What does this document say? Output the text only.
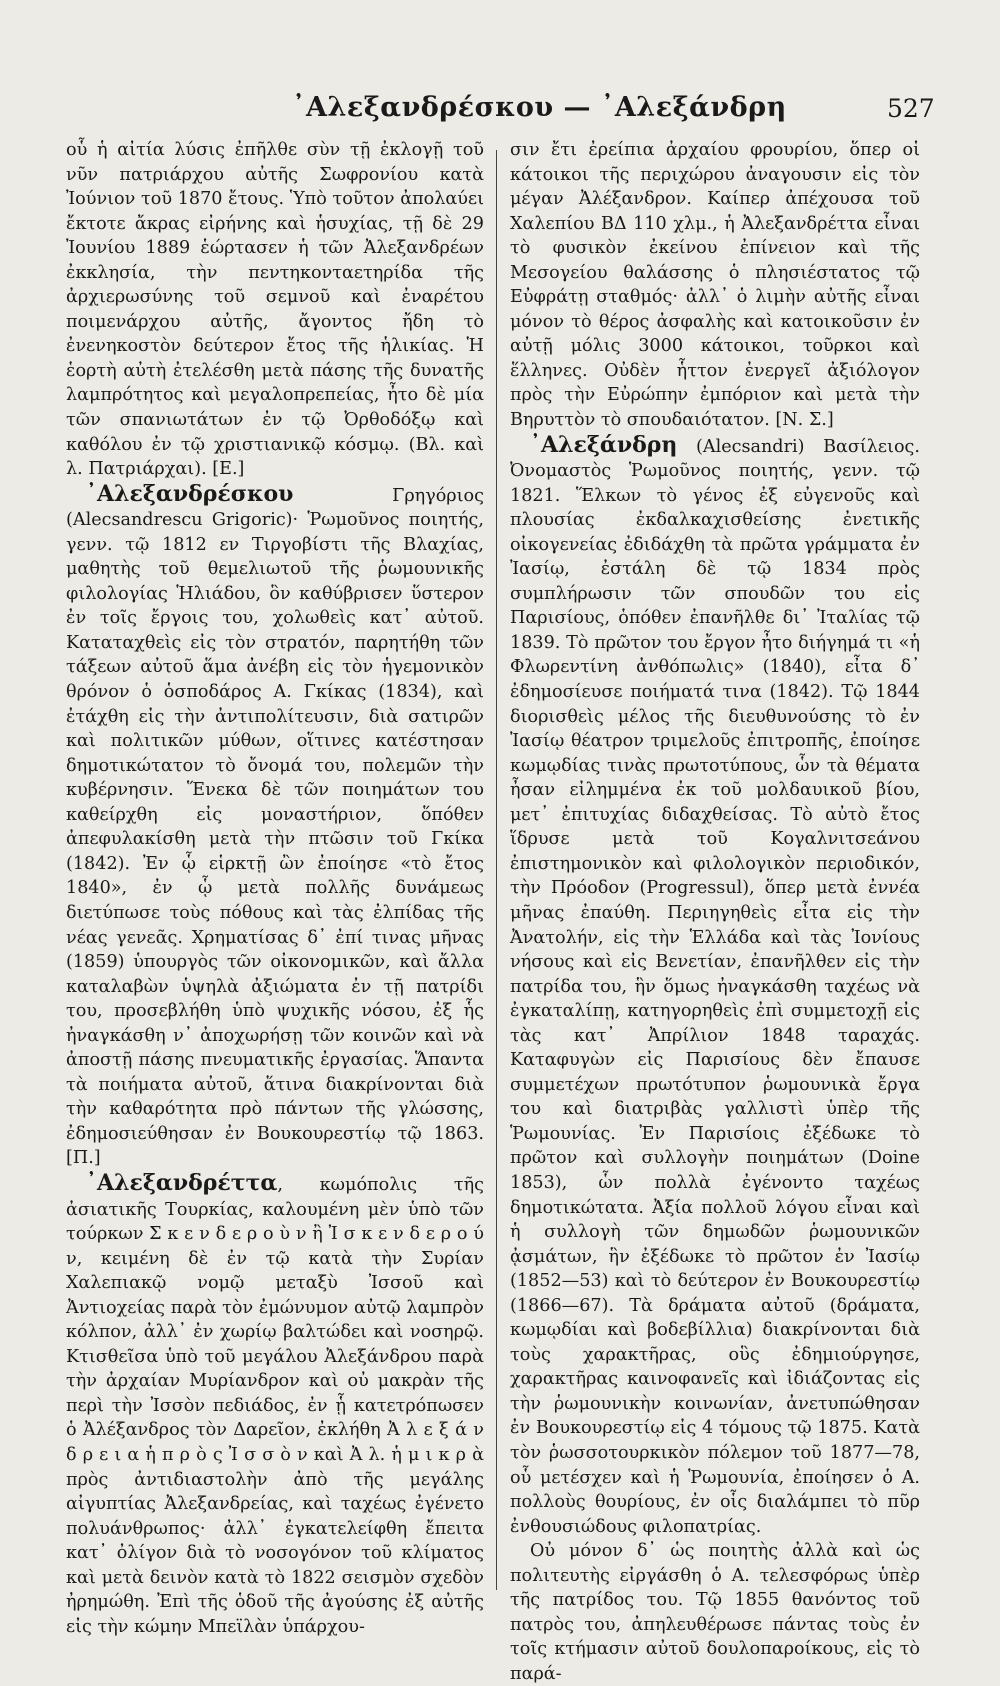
᾿Αλεξανδρέσκου — ᾿Αλεξάνδρη	527

οὗ ἡ αἰτία λύσις ἐπῆλθε σὺν τῇ ἐκλογῇ τοῦ νῦν πατριάρχου αὐτῆς Σωφρονίου κατὰ Ἰούνιον τοῦ 1870 ἔτους. Ὑπὸ τοῦτον ἀπολαύει ἔκτοτε ἄκρας εἰρήνης καὶ ἡσυχίας, τῇ δὲ 29 Ἰουνίου 1889 ἑώρτασεν ἡ τῶν Ἀλεξανδρέων ἐκκλησία, τὴν πεντηκονταετηρίδα τῆς ἀρχιερωσύνης τοῦ σεμνοῦ καὶ ἐναρέτου ποιμενάρχου αὐτῆς, ἄγοντος ἤδη τὸ ἐνενηκοστὸν δεύτερον ἔτος τῆς ἡλικίας. Ἡ ἑορτὴ αὐτὴ ἐτελέσθη μετὰ πάσης τῆς δυνατῆς λαμπρότητος καὶ μεγαλοπρεπείας, ἦτο δὲ μία τῶν σπανιωτάτων ἐν τῷ Ὀρθοδόξῳ καὶ καθόλου ἐν τῷ χριστιανικῷ κόσμῳ. (Βλ. καὶ λ. Πατριάρχαι). [Ε.]

᾿Αλεξανδρέσκου Γρηγόριος (Alecsandrescu Grigoric)· Ῥωμοῦνος ποιητής, γενν. τῷ 1812 εν Τιργοβίστι τῆς Βλαχίας, μαθητὴς τοῦ θεμελιωτοῦ τῆς ῥωμουνικῆς φιλολογίας Ἡλιάδου, ὃν καθύβρισεν ὕστερον ἐν τοῖς ἔργοις του, χολωθεὶς κατ᾽ αὐτοῦ. Καταταχθεὶς εἰς τὸν στρατόν, παρητήθη τῶν τάξεων αὐτοῦ ἅμα ἀνέβη εἰς τὸν ἡγεμονικὸν θρόνον ὁ ὁσποδάρος Α. Γκίκας (1834), καὶ ἐτάχθη εἰς τὴν ἀντιπολίτευσιν, διὰ σατιρῶν καὶ πολιτικῶν μύθων, οἵτινες κατέστησαν δημοτικώτατον τὸ ὄνομά του, πολεμῶν τὴν κυβέρνησιν. Ἕνεκα δὲ τῶν ποιημάτων του καθείρχθη εἰς μοναστήριον, ὅπόθεν ἀπεφυλακίσθη μετὰ τὴν πτῶσιν τοῦ Γκίκα (1842). Ἐν ᾧ εἱρκτῇ ὢν ἐποίησε «τὸ ἔτος 1840», ἐν ᾧ μετὰ πολλῆς δυνάμεως διετύπωσε τοὺς πόθους καὶ τὰς ἐλπίδας τῆς νέας γενεᾶς. Χρηματίσας δ᾽ ἐπί τινας μῆνας (1859) ὑπουργὸς τῶν οἰκονομικῶν, καὶ ἄλλα καταλαβὼν ὑψηλὰ ἀξιώματα ἐν τῇ πατρίδι του, προσεβλήθη ὑπὸ ψυχικῆς νόσου, ἐξ ἧς ἠναγκάσθη ν᾽ ἀποχωρήσῃ τῶν κοινῶν καὶ νὰ ἀποστῇ πάσης πνευματικῆς ἐργασίας. Ἅπαντα τὰ ποιήματα αὐτοῦ, ἅτινα διακρίνονται διὰ τὴν καθαρότητα πρὸ πάντων τῆς γλώσσης, ἐδημοσιεύθησαν ἐν Βουκουρεστίῳ τῷ 1863. [Π.]

᾿Αλεξανδρέττα, κωμόπολις τῆς ἀσιατικῆς Τουρκίας, καλουμένη μὲν ὑπὸ τῶν τούρκων Σ κ ε ν δ ε ρ ο ὺ ν ἢ Ἰ σ κ ε ν δ ε ρ ο ύ ν, κειμένη δὲ ἐν τῷ κατὰ τὴν Συρίαν Χαλεπιακῷ νομῷ μεταξὺ Ἰσσοῦ καὶ Ἀντιοχείας παρὰ τὸν ἐμώνυμον αὐτῷ λαμπρὸν κόλπον, ἀλλ᾽ ἐν χωρίῳ βαλτώδει καὶ νοσηρῷ. Κτισθεῖσα ὑπὸ τοῦ μεγάλου Ἀλεξάνδρου παρὰ τὴν ἀρχαίαν Μυρίανδρον καὶ οὐ μακρὰν τῆς περὶ τὴν Ἰσσὸν πεδιάδος, ἐν ᾗ κατετρόπωσεν ὁ Ἀλέξανδρος τὸν Δαρεῖον, ἐκλήθη Ἀ λ ε ξ ά ν δ ρ ε ι α ἡ π ρ ὸ ς Ἰ σ σ ὸ ν καὶ Ἀ λ. ἡ μ ι κ ρ ὰ πρὸς ἀντιδιαστολὴν ἀπὸ τῆς μεγάλης αἰγυπτίας Ἀλεξανδρείας, καὶ ταχέως ἐγένετο πολυάνθρωπος· ἀλλ᾽ ἐγκατελείφθη ἔπειτα κατ᾽ ὀλίγον διὰ τὸ νοσογόνον τοῦ κλίματος καὶ μετὰ δεινὸν κατὰ τὸ 1822 σεισμὸν σχεδὸν ἠρημώθη. Ἐπὶ τῆς ὁδοῦ τῆς ἀγούσης ἐξ αὐτῆς εἰς τὴν κώμην Μπεϊλὰν ὑπάρχου-

σιν ἔτι ἐρείπια ἀρχαίου φρουρίου, ὅπερ οἱ κάτοικοι τῆς περιχώρου ἀναγουσιν εἰς τὸν μέγαν Ἀλέξανδρον. Καίπερ ἀπέχουσα τοῦ Χαλεπίου ΒΔ 110 χλμ., ἡ Ἀλεξανδρέττα εἶναι τὸ φυσικὸν ἐκείνου ἐπίνειον καὶ τῆς Μεσογείου θαλάσσης ὁ πλησιέστατος τῷ Εὐφράτῃ σταθμός· ἀλλ᾽ ὁ λιμὴν αὐτῆς εἶναι μόνον τὸ θέρος ἀσφαλὴς καὶ κατοικοῦσιν ἐν αὐτῇ μόλις 3000 κάτοικοι, τοῦρκοι καὶ ἕλληνες. Οὐδὲν ἧττον ἐνεργεῖ ἀξιόλογον πρὸς τὴν Εὐρώπην ἐμπόριον καὶ μετὰ τὴν Βηρυττὸν τὸ σπουδαιότατον. [Ν. Σ.]

᾿Αλεξάνδρη (Alecsandri) Βασίλειος. Ὀνομαστὸς Ῥωμοῦνος ποιητής, γενν. τῷ 1821. Ἕλκων τὸ γένος ἐξ εὐγενοῦς καὶ πλουσίας ἐκδαλκαχισθείσης ἐνετικῆς οἰκογενείας ἐδιδάχθη τὰ πρῶτα γράμματα ἐν Ἰασίῳ, ἐστάλη δὲ τῷ 1834 πρὸς συμπλήρωσιν τῶν σπουδῶν του εἰς Παρισίους, ὁπόθεν ἐπανῆλθε δι᾽ Ἰταλίας τῷ 1839. Τὸ πρῶτον του ἔργον ἦτο διήγημά τι «ἡ Φλωρεντίνη ἀνθόπωλις» (1840), εἶτα δ᾽ ἐδημοσίευσε ποιήματά τινα (1842). Τῷ 1844 διορισθεὶς μέλος τῆς διευθυνούσης τὸ ἐν Ἰασίῳ θέατρον τριμελοῦς ἐπιτροπῆς, ἐποίησε κωμῳδίας τινὰς πρωτοτύπους, ὧν τὰ θέματα ἦσαν εἰλημμένα ἐκ τοῦ μολδαυικοῦ βίου, μετ᾽ ἐπιτυχίας διδαχθείσας. Τὸ αὐτὸ ἔτος ἵδρυσε μετὰ τοῦ Κογαλνιτσεάνου ἐπιστημονικὸν καὶ φιλολογικὸν περιοδικόν, τὴν Πρόοδον (Progressul), ὅπερ μετὰ ἐννέα μῆνας ἐπαύθη. Περιηγηθεὶς εἶτα εἰς τὴν Ἀνατολήν, εἰς τὴν Ἑλλάδα καὶ τὰς Ἰονίους νήσους καὶ εἰς Βενετίαν, ἐπανῆλθεν εἰς τὴν πατρίδα του, ἣν ὅμως ἠναγκάσθη ταχέως νὰ ἐγκαταλίπῃ, κατηγορηθεὶς ἐπὶ συμμετοχῇ εἰς τὰς κατ᾽ Ἀπρίλιον 1848 ταραχάς. Καταφυγὼν εἰς Παρισίους δὲν ἔπαυσε συμμετέχων πρωτότυπον ῥωμουνικὰ ἔργα του καὶ διατριβὰς γαλλιστὶ ὑπὲρ τῆς Ῥωμουνίας. Ἐν Παρισίοις ἐξέδωκε τὸ πρῶτον καὶ συλλογὴν ποιημάτων (Doine 1853), ὧν πολλὰ ἐγένοντο ταχέως δημοτικώτατα. Ἀξία πολλοῦ λόγου εἶναι καὶ ἡ συλλογὴ τῶν δημωδῶν ῥωμουνικῶν ᾀσμάτων, ἣν ἐξέδωκε τὸ πρῶτον ἐν Ἰασίῳ (1852—53) καὶ τὸ δεύτερον ἐν Βουκουρεστίῳ (1866—67). Τὰ δράματα αὐτοῦ (δράματα, κωμῳδίαι καὶ βοδεβίλλια) διακρίνονται διὰ τοὺς χαρακτῆρας, οὓς ἐδημιούργησε, χαρακτῆρας καινοφανεῖς καὶ ἰδιάζοντας εἰς τὴν ῥωμουνικὴν κοινωνίαν, ἀνετυπώθησαν ἐν Βουκουρεστίῳ εἰς 4 τόμους τῷ 1875. Κατὰ τὸν ῥωσσοτουρκικὸν πόλεμον τοῦ 1877—78, οὗ μετέσχεν καὶ ἡ Ῥωμουνία, ἐποίησεν ὁ Α. πολλοὺς θουρίους, ἐν οἷς διαλάμπει τὸ πῦρ ἐνθουσιώδους φιλοπατρίας.

Οὐ μόνον δ᾽ ὡς ποιητὴς ἀλλὰ καὶ ὡς πολιτευτὴς εἰργάσθη ὁ Α. τελεσφόρως ὑπὲρ τῆς πατρίδος του. Τῷ 1855 θανόντος τοῦ πατρὸς του, ἀπηλευθέρωσε πάντας τοὺς ἐν τοῖς κτήμασιν αὐτοῦ δουλοπαροίκους, εἰς τὸ παρά-
